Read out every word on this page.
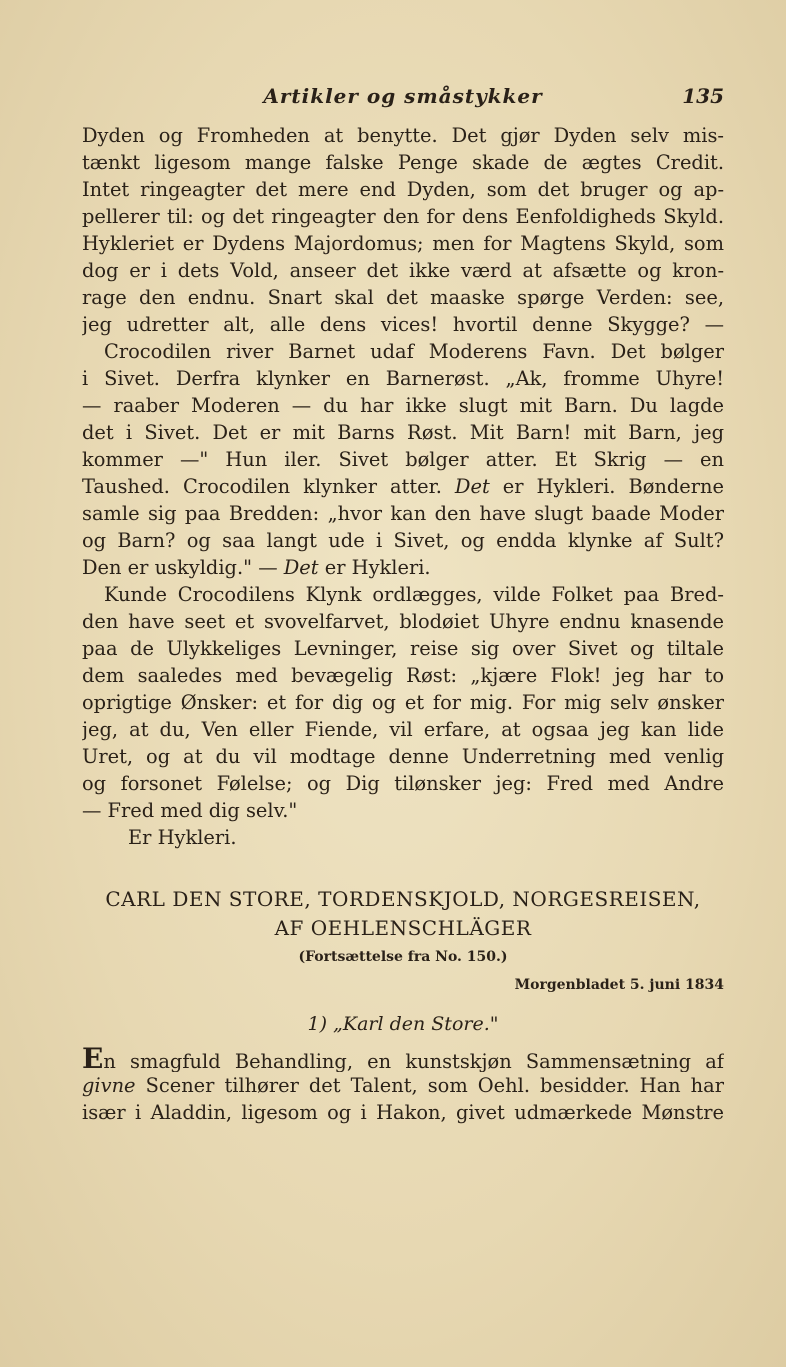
Artikler og småstykker	135
Dyden og Fromheden at benytte. Det gjør Dyden selv mis-
tænkt ligesom mange falske Penge skade de ægtes Credit.
Intet ringeagter det mere end Dyden, som det bruger og ap-
pellerer til: og det ringeagter den for dens Eenfoldigheds Skyld.
Hykleriet er Dydens Majordomus; men for Magtens Skyld, som
dog er i dets Vold, anseer det ikke værd at afsætte og kron-
rage den endnu. Snart skal det maaske spørge Verden: see,
jeg udretter alt, alle dens vices! hvortil denne Skygge? —
Crocodilen river Barnet udaf Moderens Favn. Det bølger
i Sivet. Derfra klynker en Barnerøst. „Ak, fromme Uhyre!
— raaber Moderen — du har ikke slugt mit Barn. Du lagde
det i Sivet. Det er mit Barns Røst. Mit Barn! mit Barn, jeg
kommer —" Hun iler. Sivet bølger atter. Et Skrig — en
Taushed. Crocodilen klynker atter. Det er Hykleri. Bønderne
samle sig paa Bredden: „hvor kan den have slugt baade Moder
og Barn? og saa langt ude i Sivet, og endda klynke af Sult?
Den er uskyldig." — Det er Hykleri.
Kunde Crocodilens Klynk ordlægges, vilde Folket paa Bred-
den have seet et svovelfarvet, blodøiet Uhyre endnu knasende
paa de Ulykkeliges Levninger, reise sig over Sivet og tiltale
dem saaledes med bevægelig Røst: „kjære Flok! jeg har to
oprigtige Ønsker: et for dig og et for mig. For mig selv ønsker
jeg, at du, Ven eller Fiende, vil erfare, at ogsaa jeg kan lide
Uret, og at du vil modtage denne Underretning med venlig
og forsonet Følelse; og Dig tilønsker jeg: Fred med Andre
— Fred med dig selv."
Er Hykleri.
CARL DEN STORE, TORDENSKJOLD, NORGESREISEN,
AF OEHLENSCHLÄGER
(Fortsættelse fra No. 150.)
Morgenbladet 5. juni 1834
1) „Karl den Store."
En smagfuld Behandling, en kunstskjøn Sammensætning af
givne Scener tilhører det Talent, som Oehl. besidder. Han har
især i Aladdin, ligesom og i Hakon, givet udmærkede Mønstre
